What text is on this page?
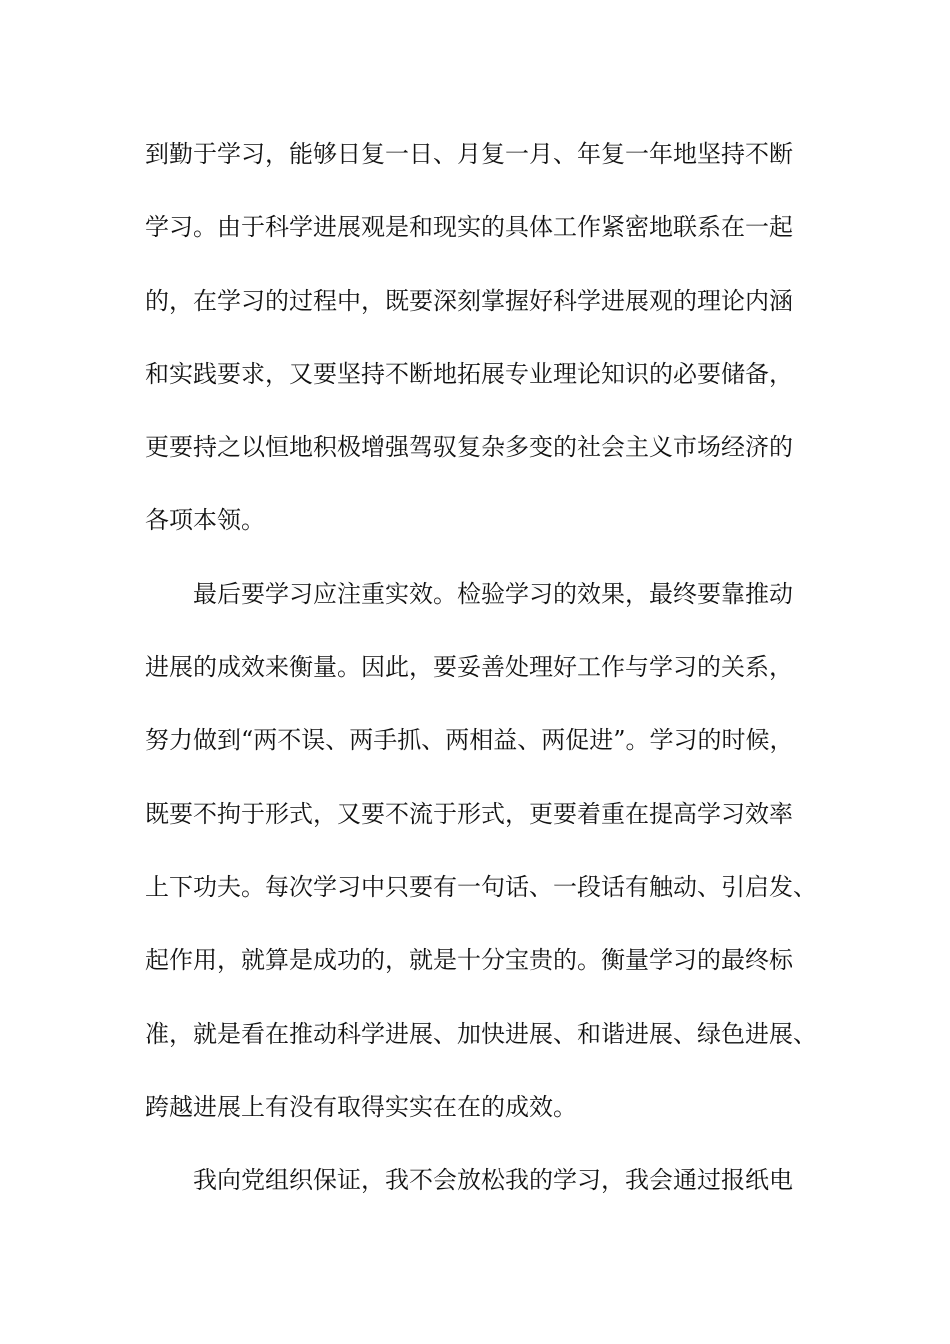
到勤于学习，能够日复一日、月复一月、年复一年地坚持不断
学习。由于科学进展观是和现实的具体工作紧密地联系在一起
的，在学习的过程中，既要深刻掌握好科学进展观的理论内涵
和实践要求，又要坚持不断地拓展专业理论知识的必要储备，
更要持之以恒地积极增强驾驭复杂多变的社会主义市场经济的
各项本领。
最后要学习应注重实效。检验学习的效果，最终要靠推动
进展的成效来衡量。因此，要妥善处理好工作与学习的关系，
努力做到“两不误、两手抓、两相益、两促进”。学习的时候，
既要不拘于形式，又要不流于形式，更要着重在提高学习效率
上下功夫。每次学习中只要有一句话、一段话有触动、引启发、
起作用，就算是成功的，就是十分宝贵的。衡量学习的最终标
准，就是看在推动科学进展、加快进展、和谐进展、绿色进展、
跨越进展上有没有取得实实在在的成效。
我向党组织保证，我不会放松我的学习，我会通过报纸电
